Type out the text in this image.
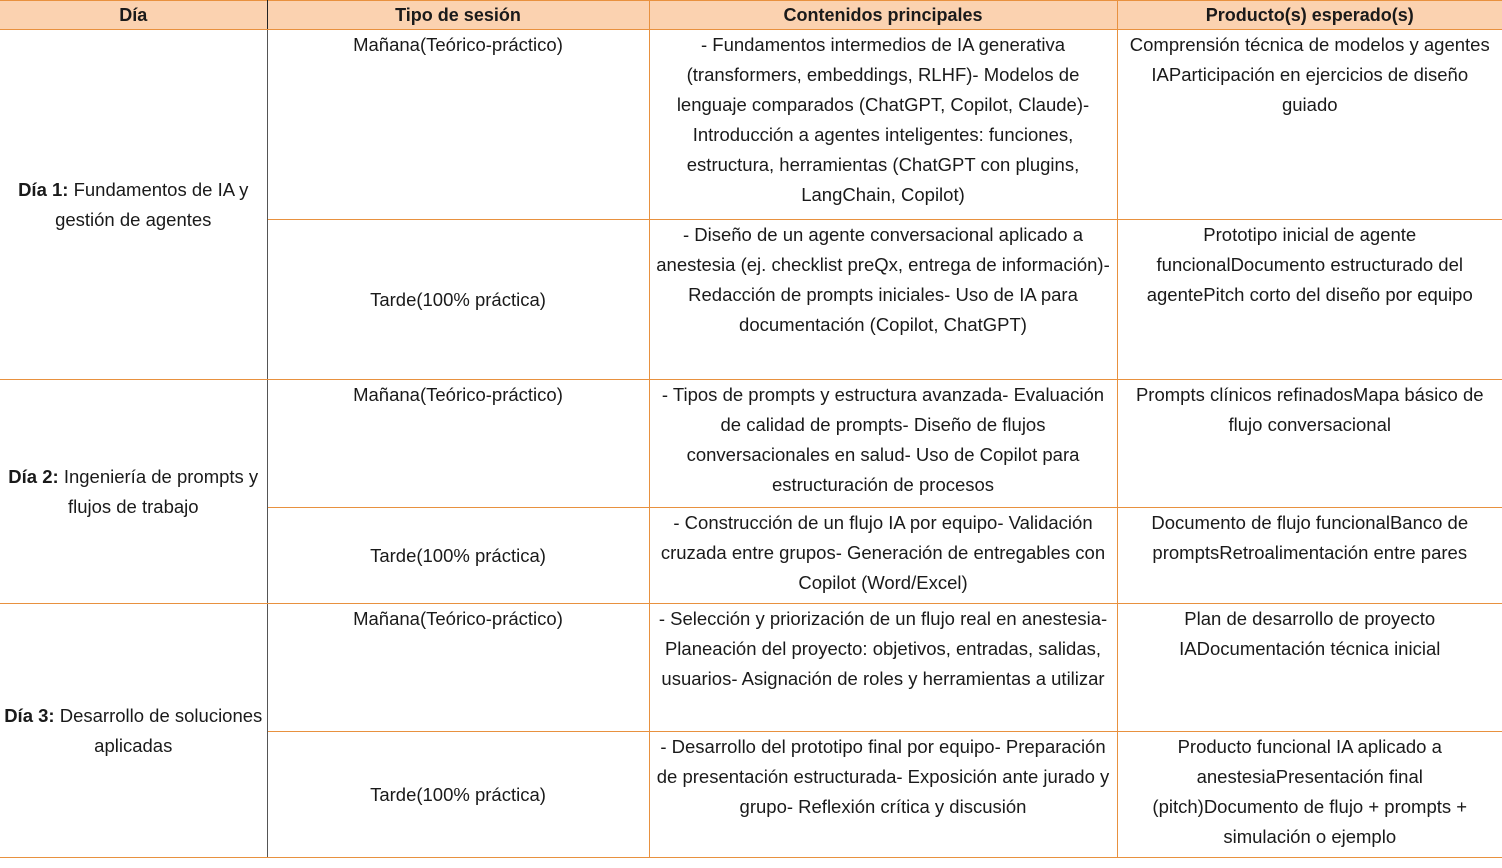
Día	Tipo de sesión	Contenidos principales	Producto(s) esperado(s)
Día 1: Fundamentos de IA y gestión de agentes	Mañana(Teórico-práctico)	- Fundamentos intermedios de IA generativa (transformers, embeddings, RLHF)- Modelos de lenguaje comparados (ChatGPT, Copilot, Claude)- Introducción a agentes inteligentes: funciones, estructura, herramientas (ChatGPT con plugins, LangChain, Copilot)	Comprensión técnica de modelos y agentes IAParticipación en ejercicios de diseño guiado
	Tarde(100% práctica)	- Diseño de un agente conversacional aplicado a anestesia (ej. checklist preQx, entrega de información)- Redacción de prompts iniciales- Uso de IA para documentación (Copilot, ChatGPT)	Prototipo inicial de agente funcionalDocumento estructurado del agentePitch corto del diseño por equipo
Día 2: Ingeniería de prompts y flujos de trabajo	Mañana(Teórico-práctico)	- Tipos de prompts y estructura avanzada- Evaluación de calidad de prompts- Diseño de flujos conversacionales en salud- Uso de Copilot para estructuración de procesos	Prompts clínicos refinadosMapa básico de flujo conversacional
	Tarde(100% práctica)	- Construcción de un flujo IA por equipo- Validación cruzada entre grupos- Generación de entregables con Copilot (Word/Excel)	Documento de flujo funcionalBanco de promptsRetroalimentación entre pares
Día 3: Desarrollo de soluciones aplicadas	Mañana(Teórico-práctico)	- Selección y priorización de un flujo real en anestesia- Planeación del proyecto: objetivos, entradas, salidas, usuarios- Asignación de roles y herramientas a utilizar	Plan de desarrollo de proyecto IADocumentación técnica inicial
	Tarde(100% práctica)	- Desarrollo del prototipo final por equipo- Preparación de presentación estructurada- Exposición ante jurado y grupo- Reflexión crítica y discusión	Producto funcional IA aplicado a anestesiaPresentación final (pitch)Documento de flujo + prompts + simulación o ejemplo
